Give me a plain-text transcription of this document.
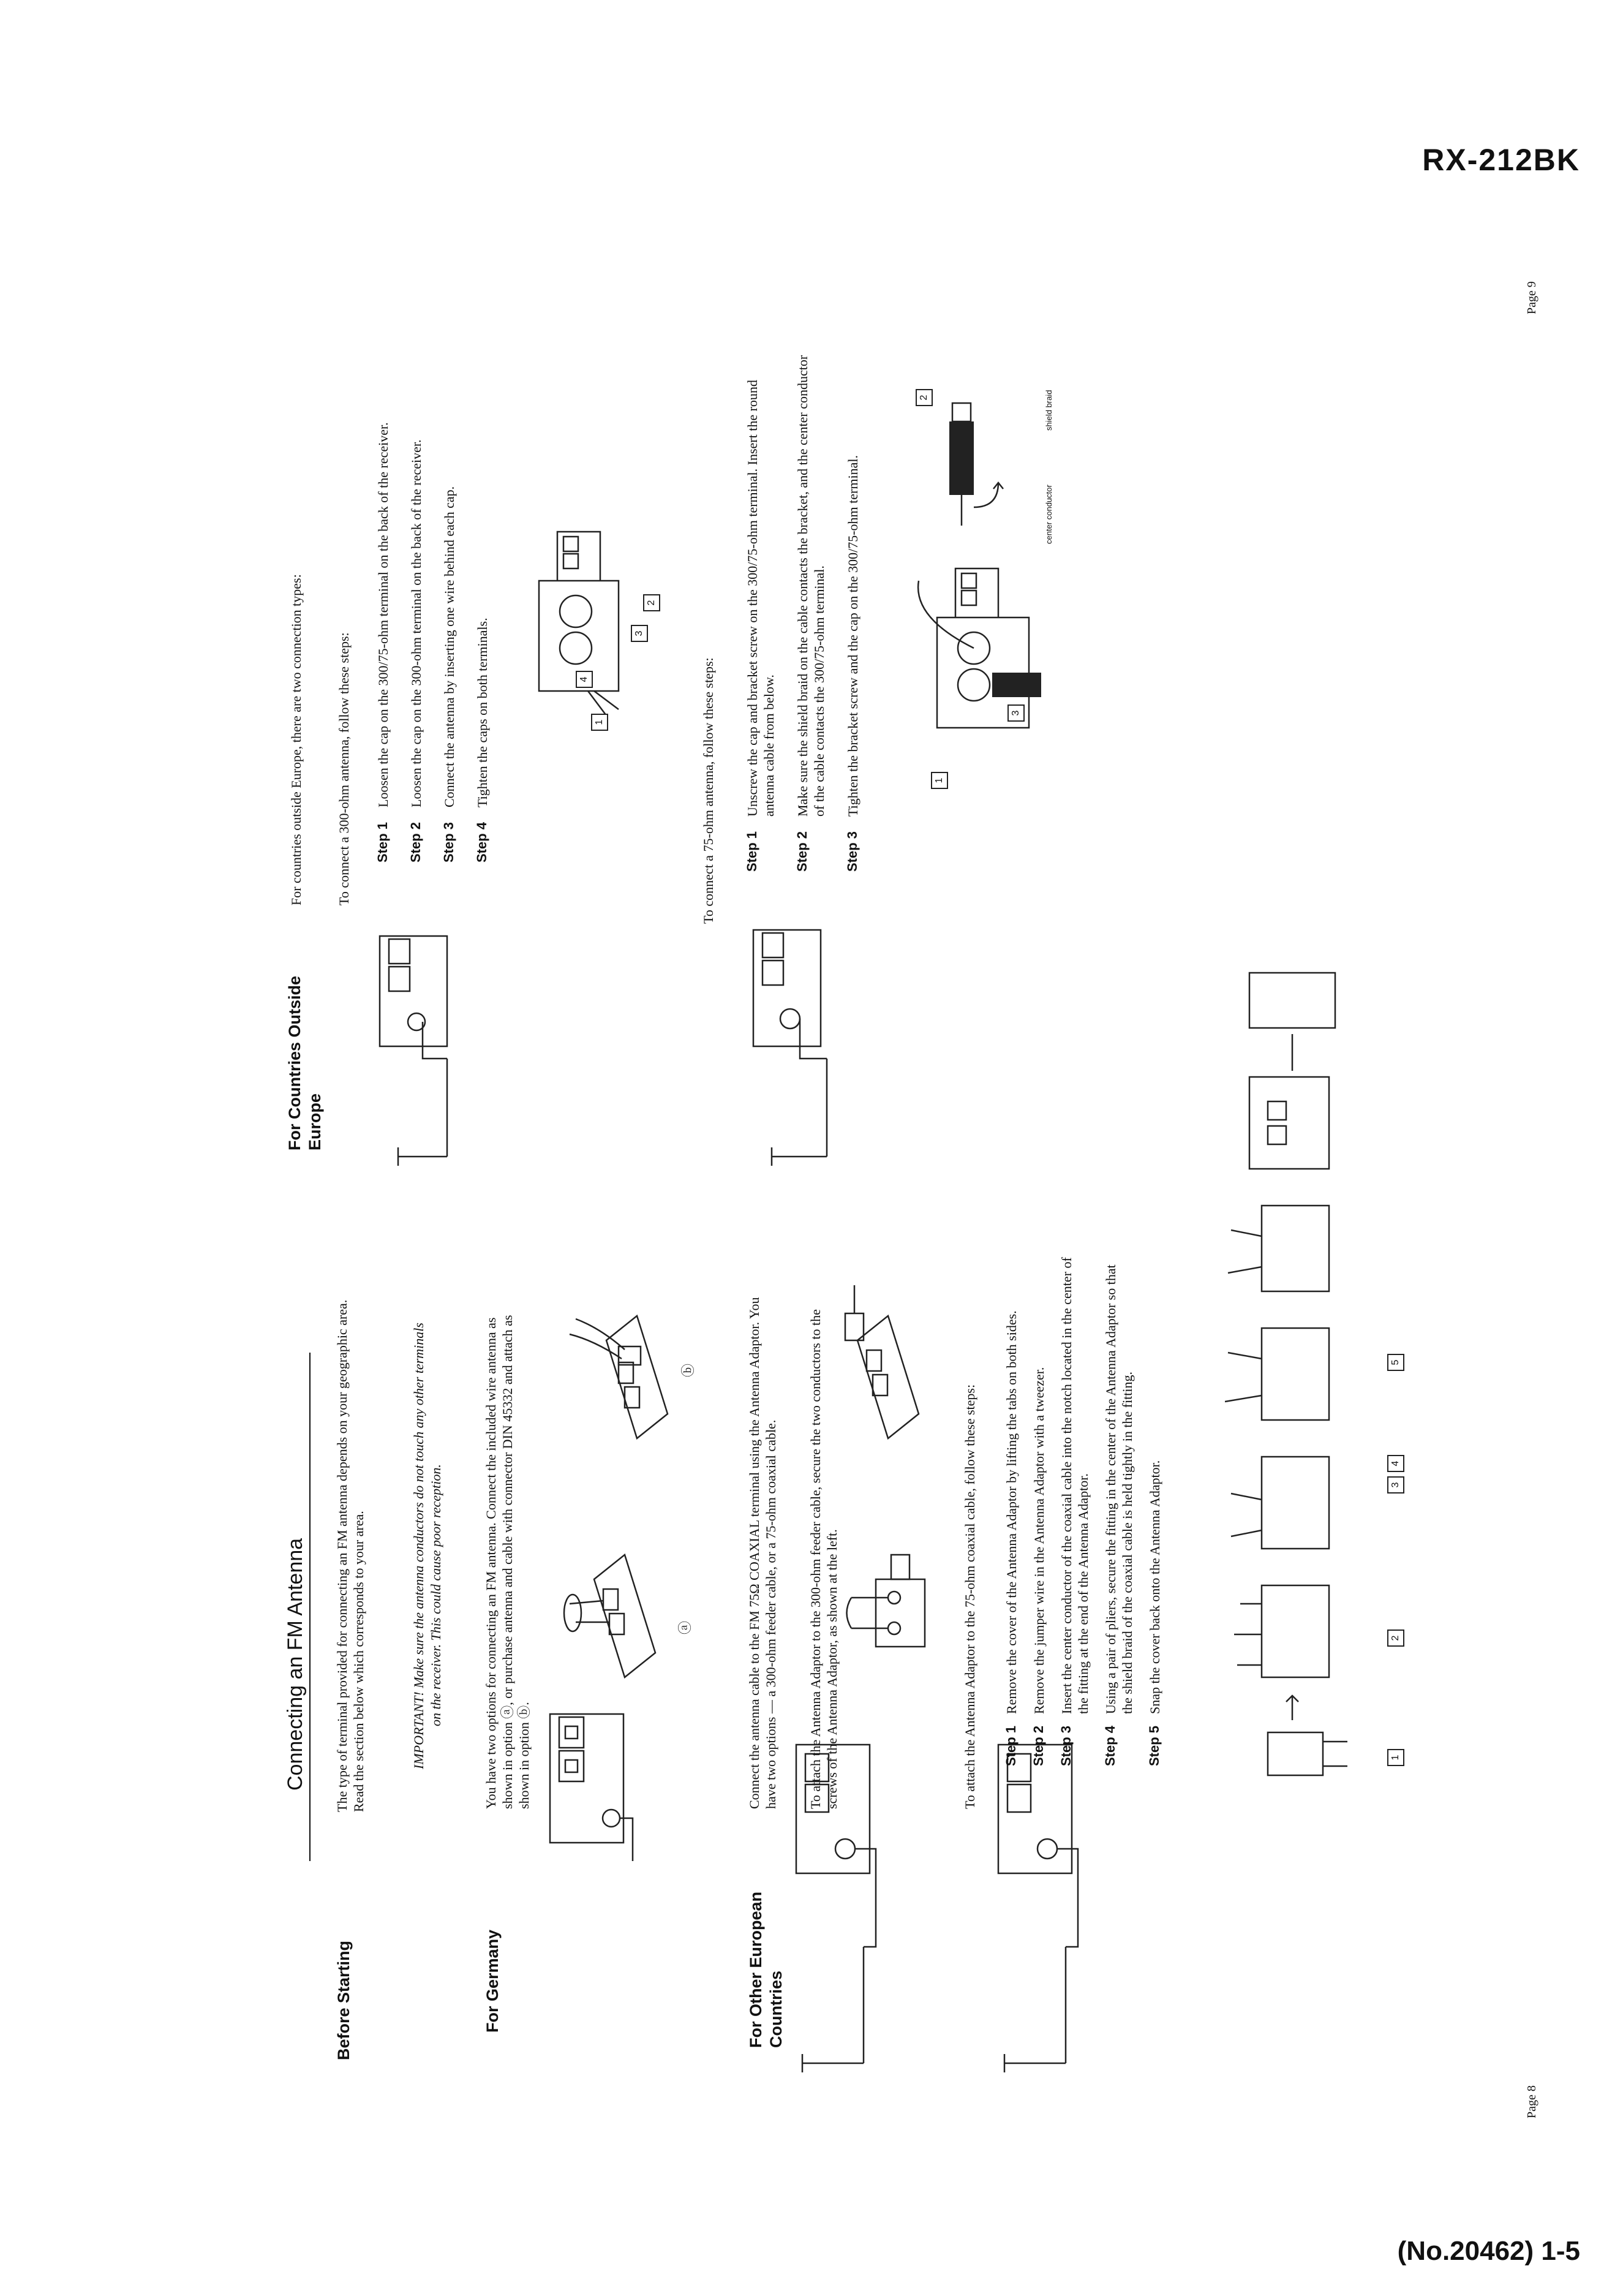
RX-212BK
(No.20462) 1-5
Page 8
Before Starting
Connecting an FM Antenna The type of terminal provided for connecting an FM antenna depends on your geographic area. Read the section below which corresponds to your area.	IMPORTANT! Make sure the antenna conductors do not touch any other terminals on the receiver. This could cause poor reception.
For Germany
You have two options for connecting an FM antenna. Connect the included wire antenna as shown in option ⓐ, or purchase antenna and cable with connector DIN 45332 and attach as shown in option ⓑ.
ⓐ
ⓑ
For Other European Countries
Connect the antenna cable to the FM 75Ω COAXIAL terminal using the Antenna Adaptor. You have two options — a 300-ohm feeder cable, or a 75-ohm coaxial cable. To attach the Antenna Adaptor to the 300-ohm feeder cable, secure the two conductors to the screws of the Antenna Adaptor, as shown at the left.	To attach the Antenna Adaptor to the 75-ohm coaxial cable, follow these steps: Step 1
Remove the cover of the Antenna Adaptor by lifting the tabs on both sides.
Step 2
Remove the jumper wire in the Antenna Adaptor with a tweezer.
Step 3
Insert the center conductor of the coaxial cable into the notch located in the center of
the fitting at the end of the Antenna Adaptor.
Step 4
Using a pair of pliers, secure the fitting in the center of the Antenna Adaptor so that
the shield braid of the coaxial cable is held tightly in the fitting.
Step 5
Snap the cover back onto the Antenna Adaptor.
1
2
3
4
5
Page 9
For Countries Outside Europe
For countries outside Europe, there are two connection types: To connect a 300-ohm antenna, follow these steps: Step 1
Loosen the cap on the 300/75-ohm terminal on the back of the receiver.
Step 2
Loosen the cap on the 300-ohm terminal on the back of the receiver.
Step 3
Connect the antenna by inserting one wire behind each cap.
Step 4
Tighten the caps on both terminals.	1
2
3
4	To connect a 75-ohm antenna, follow these steps: Step 1
Unscrew the cap and bracket screw on the 300/75-ohm terminal. Insert the round
antenna cable from below.
Step 2
Make sure the shield braid on the cable contacts the bracket, and the center conductor
of the cable contacts the 300/75-ohm terminal.
Step 3
Tighten the bracket screw and the cap on the 300/75-ohm terminal.	1
3
2
center conductor
shield braid
